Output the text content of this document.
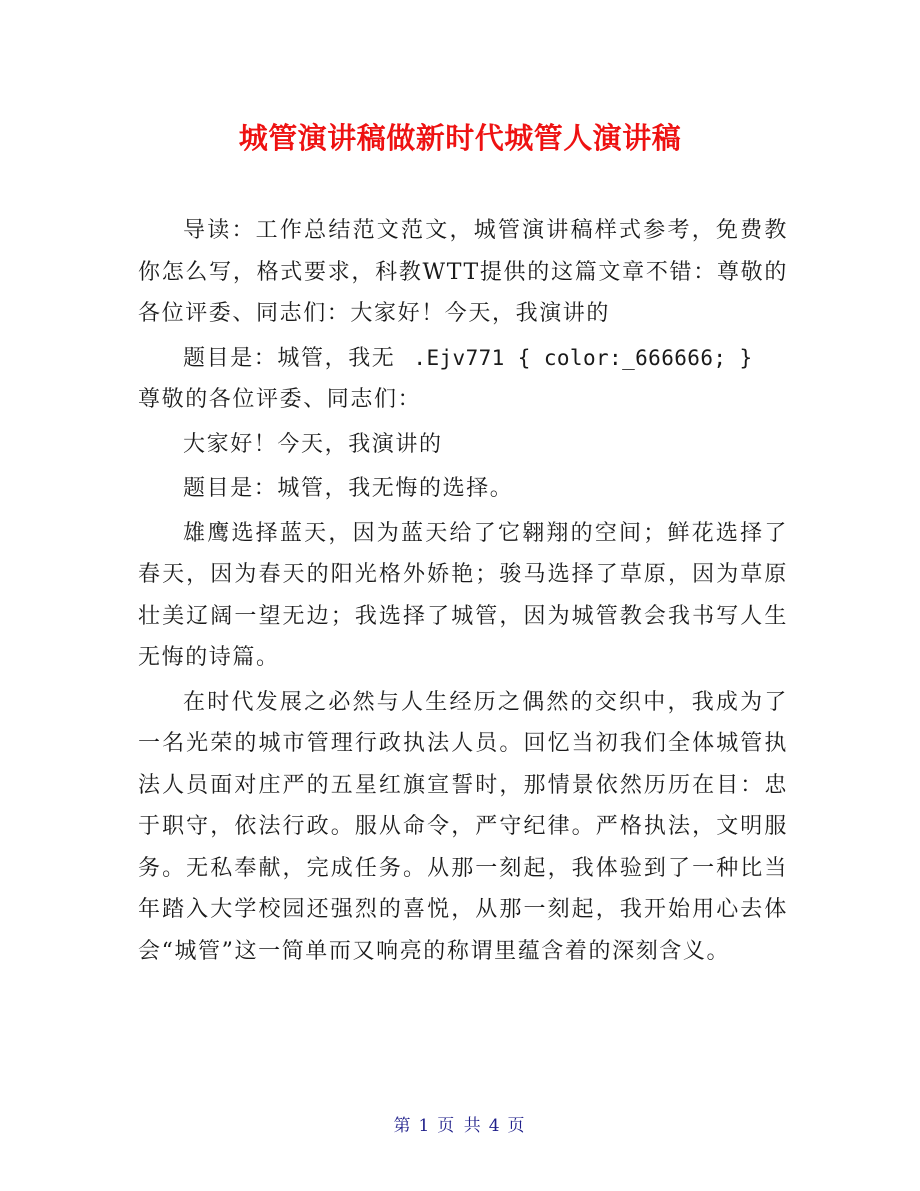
城管演讲稿做新时代城管人演讲稿

导读：工作总结范文范文，城管演讲稿样式参考，免费教你怎么写，格式要求，科教WTT提供的这篇文章不错：尊敬的各位评委、同志们：大家好！今天，我演讲的

题目是：城管，我无 .Ejv771 { color:_666666; }

尊敬的各位评委、同志们：

大家好！今天，我演讲的

题目是：城管，我无悔的选择。

雄鹰选择蓝天，因为蓝天给了它翱翔的空间；鲜花选择了春天，因为春天的阳光格外娇艳；骏马选择了草原，因为草原壮美辽阔一望无边；我选择了城管，因为城管教会我书写人生无悔的诗篇。

在时代发展之必然与人生经历之偶然的交织中，我成为了一名光荣的城市管理行政执法人员。回忆当初我们全体城管执法人员面对庄严的五星红旗宣誓时，那情景依然历历在目：忠于职守，依法行政。服从命令，严守纪律。严格执法，文明服务。无私奉献，完成任务。从那一刻起，我体验到了一种比当年踏入大学校园还强烈的喜悦，从那一刻起，我开始用心去体会“城管”这一简单而又响亮的称谓里蕴含着的深刻含义。

第 1 页 共 4 页
